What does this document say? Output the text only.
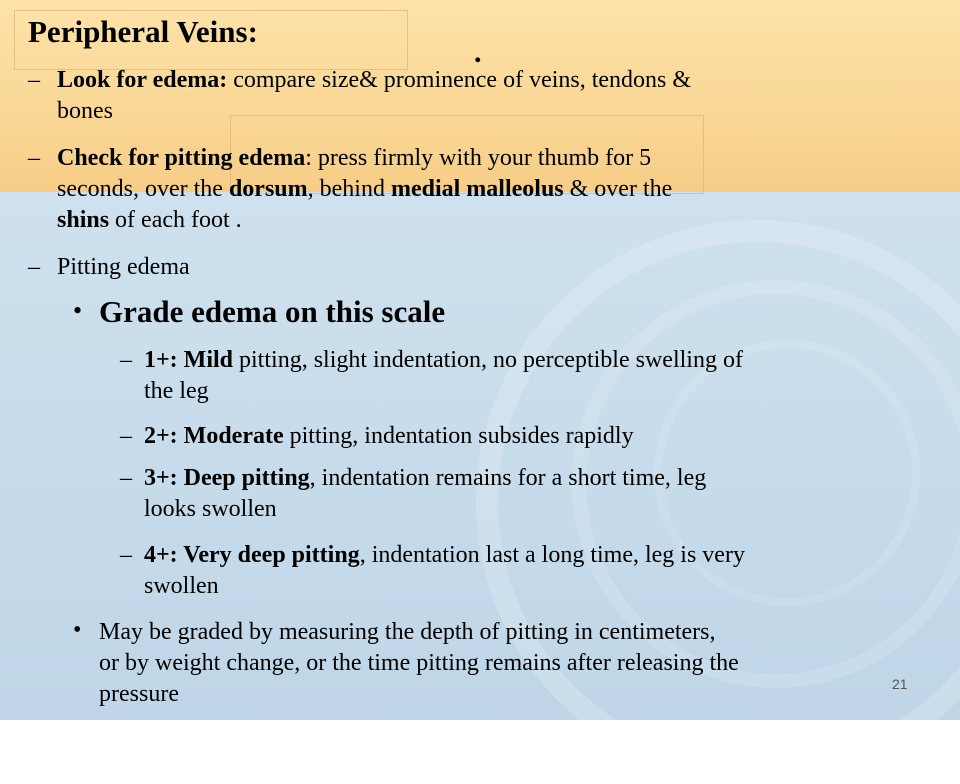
Peripheral Veins:
.
– Look for edema: compare size& prominence of veins, tendons &
bones
– Check for pitting edema: press firmly with your thumb for 5
seconds, over the dorsum, behind medial malleolus & over the
shins of each foot .
– Pitting edema
• Grade edema on this scale
– 1+: Mild pitting, slight indentation, no perceptible swelling of
the leg
– 2+: Moderate pitting, indentation subsides rapidly
– 3+: Deep pitting, indentation remains for a short time, leg
looks swollen
– 4+: Very deep pitting, indentation last a long time, leg is very
swollen
• May be graded by measuring the depth of pitting in centimeters,
or by weight change, or the time pitting remains after releasing the
pressure	21
